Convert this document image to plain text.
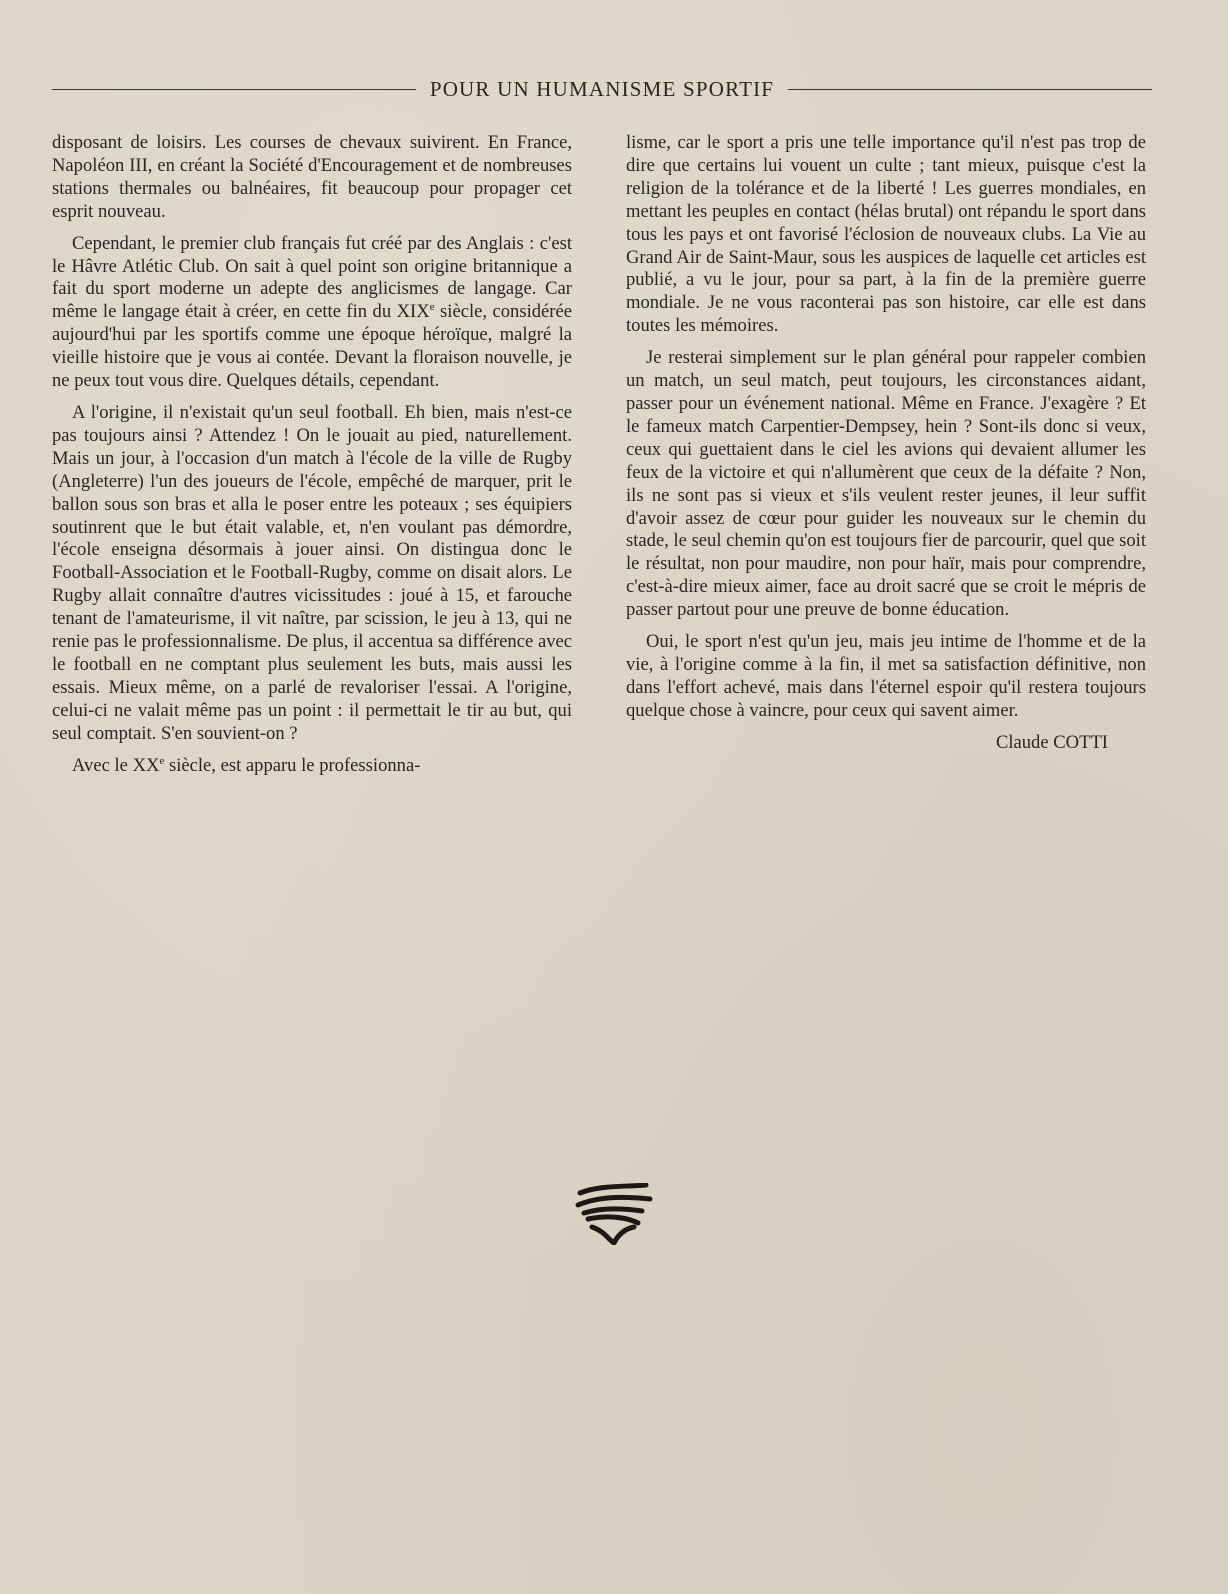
POUR UN HUMANISME SPORTIF

disposant de loisirs. Les courses de chevaux suivirent. En France, Napoléon III, en créant la Société d'Encouragement et de nombreuses stations thermales ou balnéaires, fit beaucoup pour propager cet esprit nouveau.

Cependant, le premier club français fut créé par des Anglais : c'est le Hâvre Atlétic Club. On sait à quel point son origine britannique a fait du sport moderne un adepte des anglicismes de langage. Car même le langage était à créer, en cette fin du XIXe siècle, considérée aujourd'hui par les sportifs comme une époque héroïque, malgré la vieille histoire que je vous ai contée. Devant la floraison nouvelle, je ne peux tout vous dire. Quelques détails, cependant.

A l'origine, il n'existait qu'un seul football. Eh bien, mais n'est-ce pas toujours ainsi ? Attendez ! On le jouait au pied, naturellement. Mais un jour, à l'occasion d'un match à l'école de la ville de Rugby (Angleterre) l'un des joueurs de l'école, empêché de marquer, prit le ballon sous son bras et alla le poser entre les poteaux ; ses équipiers soutinrent que le but était valable, et, n'en voulant pas démordre, l'école enseigna désormais à jouer ainsi. On distingua donc le Football-Association et le Football-Rugby, comme on disait alors. Le Rugby allait connaître d'autres vicissitudes : joué à 15, et farouche tenant de l'amateurisme, il vit naître, par scission, le jeu à 13, qui ne renie pas le professionnalisme. De plus, il accentua sa différence avec le football en ne comptant plus seulement les buts, mais aussi les essais. Mieux même, on a parlé de revaloriser l'essai. A l'origine, celui-ci ne valait même pas un point : il permettait le tir au but, qui seul comptait. S'en souvient-on ?

Avec le XXe siècle, est apparu le professionna-

lisme, car le sport a pris une telle importance qu'il n'est pas trop de dire que certains lui vouent un culte ; tant mieux, puisque c'est la religion de la tolérance et de la liberté ! Les guerres mondiales, en mettant les peuples en contact (hélas brutal) ont répandu le sport dans tous les pays et ont favorisé l'éclosion de nouveaux clubs. La Vie au Grand Air de Saint-Maur, sous les auspices de laquelle cet articles est publié, a vu le jour, pour sa part, à la fin de la première guerre mondiale. Je ne vous raconterai pas son histoire, car elle est dans toutes les mémoires.

Je resterai simplement sur le plan général pour rappeler combien un match, un seul match, peut toujours, les circonstances aidant, passer pour un événement national. Même en France. J'exagère ? Et le fameux match Carpentier-Dempsey, hein ? Sont-ils donc si veux, ceux qui guettaient dans le ciel les avions qui devaient allumer les feux de la victoire et qui n'allumèrent que ceux de la défaite ? Non, ils ne sont pas si vieux et s'ils veulent rester jeunes, il leur suffit d'avoir assez de cœur pour guider les nouveaux sur le chemin du stade, le seul chemin qu'on est toujours fier de parcourir, quel que soit le résultat, non pour maudire, non pour haïr, mais pour comprendre, c'est-à-dire mieux aimer, face au droit sacré que se croit le mépris de passer partout pour une preuve de bonne éducation.

Oui, le sport n'est qu'un jeu, mais jeu intime de l'homme et de la vie, à l'origine comme à la fin, il met sa satisfaction définitive, non dans l'effort achevé, mais dans l'éternel espoir qu'il restera toujours quelque chose à vaincre, pour ceux qui savent aimer.

Claude COTTI
